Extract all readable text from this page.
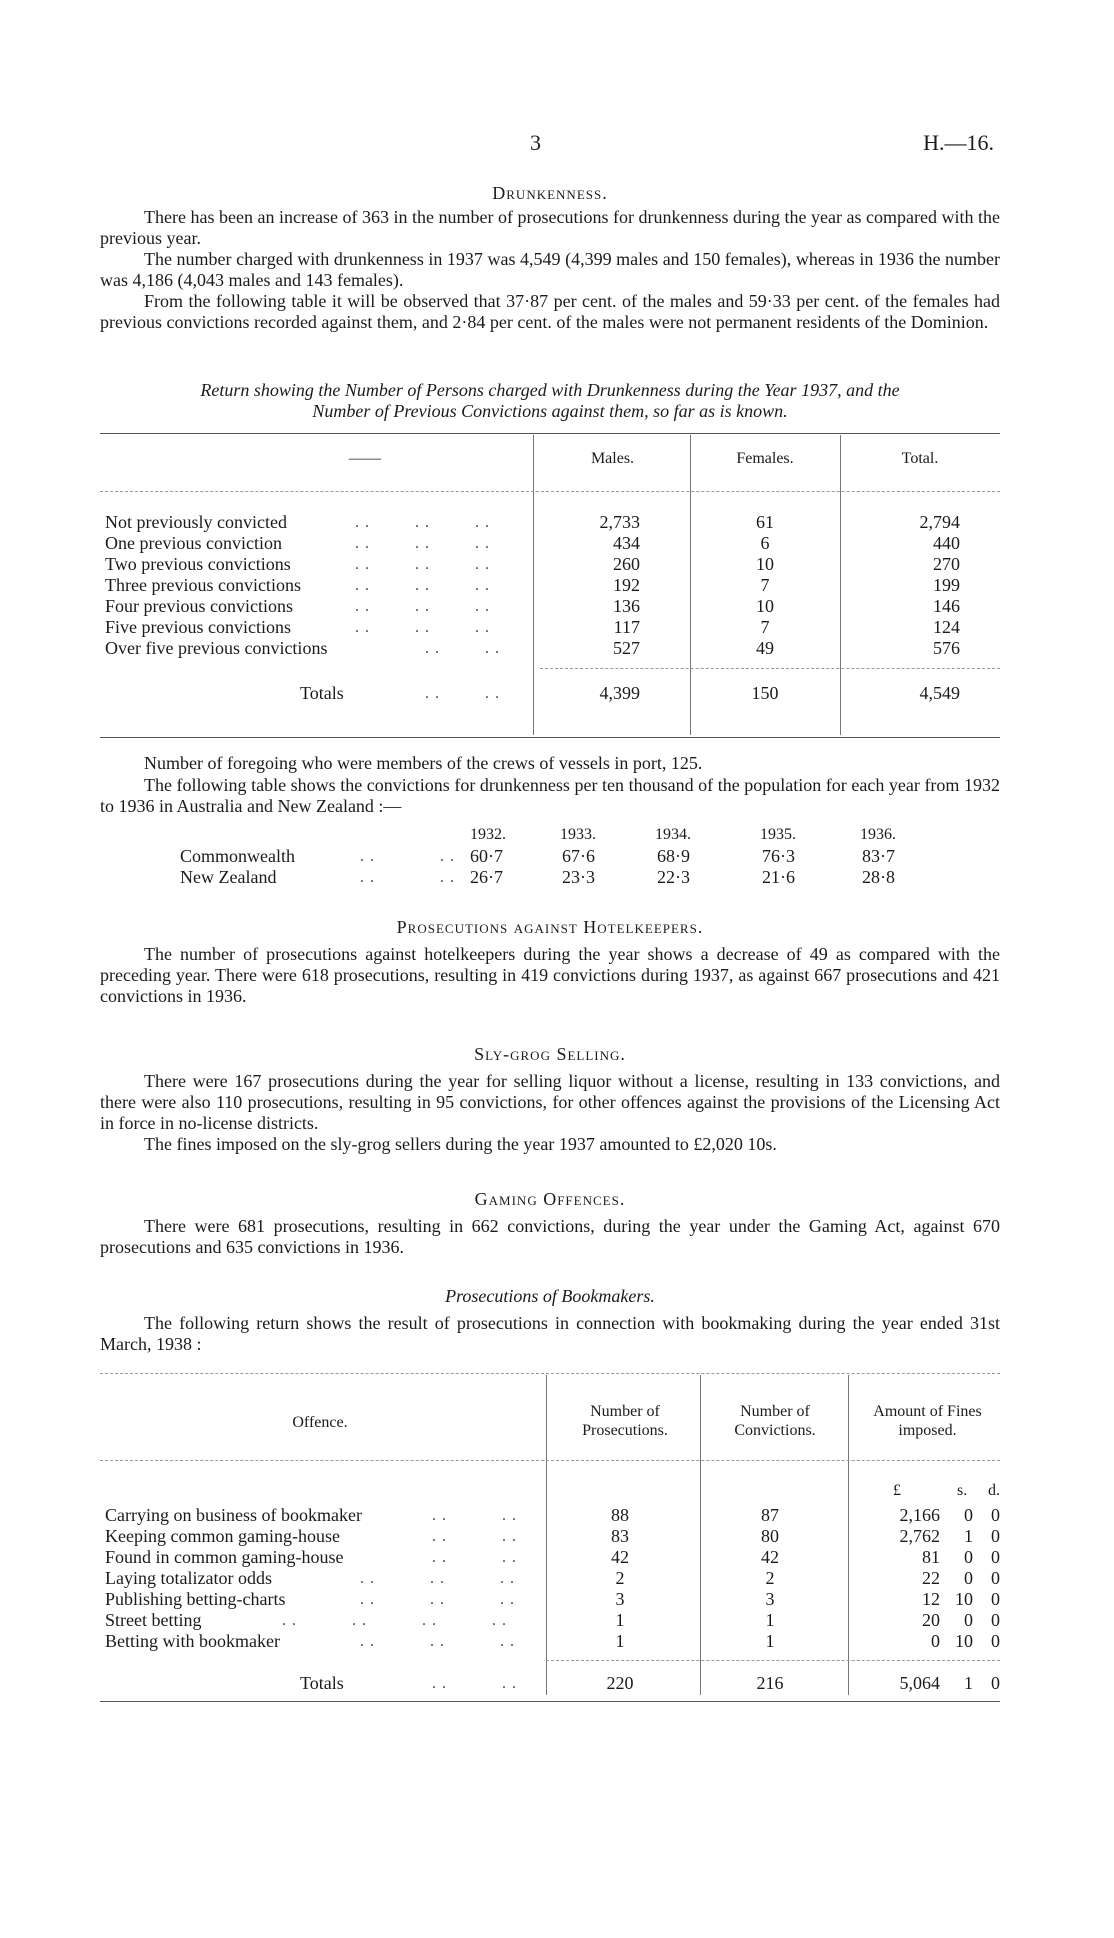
3	H.—16.
Drunkenness.
There has been an increase of 363 in the number of prosecutions for drunkenness during the year as compared with the previous year.
The number charged with drunkenness in 1937 was 4,549 (4,399 males and 150 females), whereas in 1936 the number was 4,186 (4,043 males and 143 females).
From the following table it will be observed that 37·87 per cent. of the males and 59·33 per cent. of the females had previous convictions recorded against them, and 2·84 per cent. of the males were not permanent residents of the Dominion.
Return showing the Number of Persons charged with Drunkenness during the Year 1937, and the
Number of Previous Convictions against them, so far as is known.
——	Males.	Females.	Total.
Not previously convicted	..    ..    ..	2,733	61	2,794
One previous conviction	..    ..    ..	434	6	440
Two previous convictions	..    ..    ..	260	10	270
Three previous convictions	..    ..    ..	192	7	199
Four previous convictions	..    ..    ..	136	10	146
Five previous convictions	..    ..    ..	117	7	124
Over five previous convictions	..    ..	527	49	576
Totals	..    ..	4,399	150	4,549
Number of foregoing who were members of the crews of vessels in port, 125.
The following table shows the convictions for drunkenness per ten thousand of the population for each year from 1932 to 1936 in Australia and New Zealand :—
1932.	1933.	1934.	1935.	1936.
Commonwealth	..      .. 60·7	67·6	68·9	76·3	83·7
New Zealand	..      .. 26·7	23·3	22·3	21·6	28·8
Prosecutions against Hotelkeepers.
The number of prosecutions against hotelkeepers during the year shows a decrease of 49 as compared with the preceding year. There were 618 prosecutions, resulting in 419 convictions during 1937, as against 667 prosecutions and 421 convictions in 1936.
Sly-grog Selling.
There were 167 prosecutions during the year for selling liquor without a license, resulting in 133 convictions, and there were also 110 prosecutions, resulting in 95 convictions, for other offences against the provisions of the Licensing Act in force in no-license districts.
The fines imposed on the sly-grog sellers during the year 1937 amounted to £2,020 10s.
Gaming Offences.
There were 681 prosecutions, resulting in 662 convictions, during the year under the Gaming Act, against 670 prosecutions and 635 convictions in 1936.
Prosecutions of Bookmakers.
The following return shows the result of prosecutions in connection with bookmaking during the year ended 31st March, 1938 :
Offence.
Number of Prosecutions.
Number of Convictions.
Amount of Fines imposed.
£	s. d.
Carrying on business of bookmaker	..     ..	88	87	2,166	0	0
Keeping common gaming-house	..     ..	83	80	2,762	1	0
Found in common gaming-house	..     ..	42	42	81	0	0
Laying totalizator odds	..     ..     ..	2	2	22	0	0
Publishing betting-charts	..     ..     ..	3	3	12 10	0
Street betting	..     ..     ..     ..	1	1	20	0	0
Betting with bookmaker	..     ..     ..	1	1	0 10	0
Totals	..     ..	220	216	5,064	1	0
